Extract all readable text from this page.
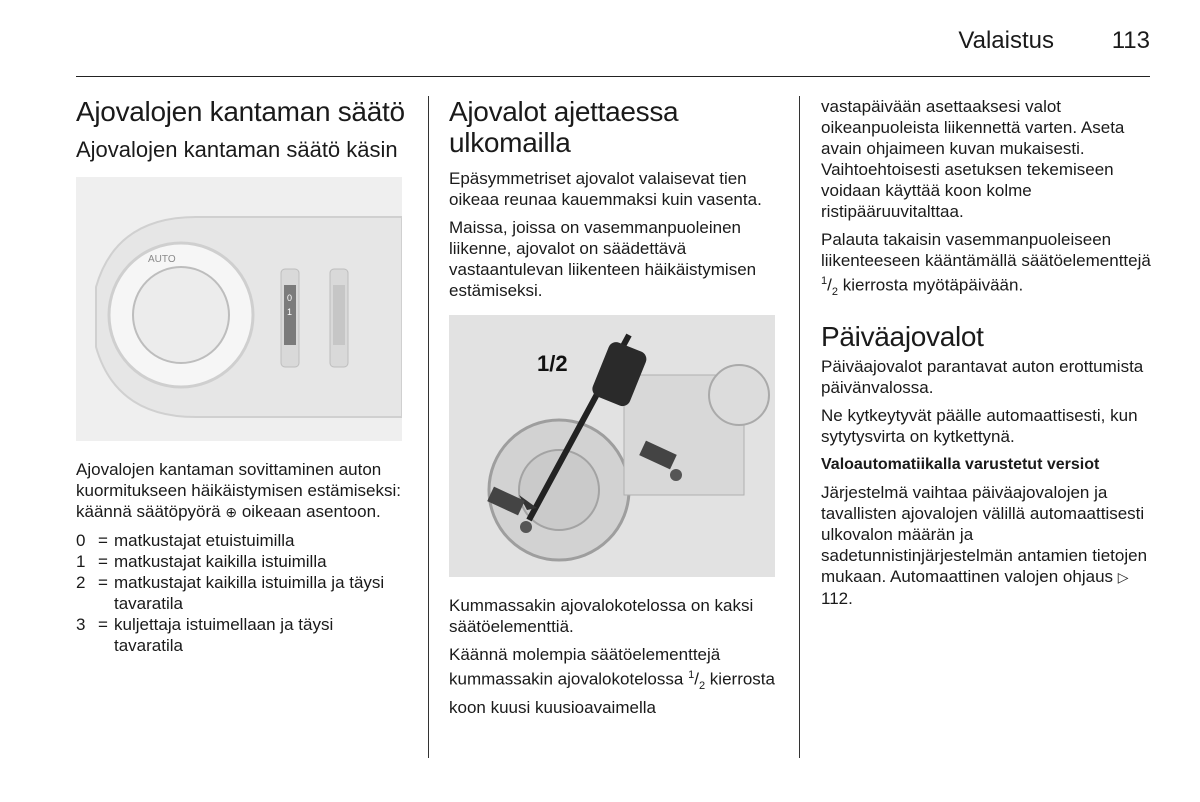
Valaistus 113
Ajovalojen kantaman säätö
Ajovalojen kantaman säätö käsin
AUTO
0
1

Ajovalojen kantaman sovittaminen auton kuormitukseen häikäistymisen estämiseksi: käännä säätöpyörä ⊕ oikeaan asentoon.

0 = matkustajat etuistuimilla
1 = matkustajat kaikilla istuimilla
2 = matkustajat kaikilla istuimilla ja täysi tavaratila
3 = kuljettaja istuimellaan ja täysi tavaratila
Ajovalot ajettaessa ulkomailla

Epäsymmetriset ajovalot valaisevat tien oikeaa reunaa kauemmaksi kuin vasenta.

Maissa, joissa on vasemmanpuoleinen liikenne, ajovalot on säädettävä vastaantulevan liikenteen häikäistymisen estämiseksi.

1/2

Kummassakin ajovalokotelossa on kaksi säätöelementtiä.

Käännä molempia säätöelementtejä kummassakin ajovalokotelossa $^1/_2$ kierrosta koon kuusi kuusioavaimella

vastapäivään asettaaksesi valot oikeanpuoleista liikennettä varten. Aseta avain ohjaimeen kuvan mukaisesti. Vaihtoehtoisesti asetuksen tekemiseen voidaan käyttää koon kolme ristipääruuvitalttaa.

Palauta takaisin vasemmanpuoleiseen liikenteeseen kääntämällä säätöelementtejä $^1/_2$ kierrosta myötäpäivään.

Päiväajovalot

Päiväajovalot parantavat auton erottumista päivänvalossa.

Ne kytkeytyvät päälle automaattisesti, kun sytytysvirta on kytkettynä.

Valoautomatiikalla varustetut versiot

Järjestelmä vaihtaa päiväajovalojen ja tavallisten ajovalojen välillä automaattisesti ulkovalon määrän ja sadetunnistinjärjestelmän antamien tietojen mukaan. Automaattinen valojen ohjaus ▷ 112.
